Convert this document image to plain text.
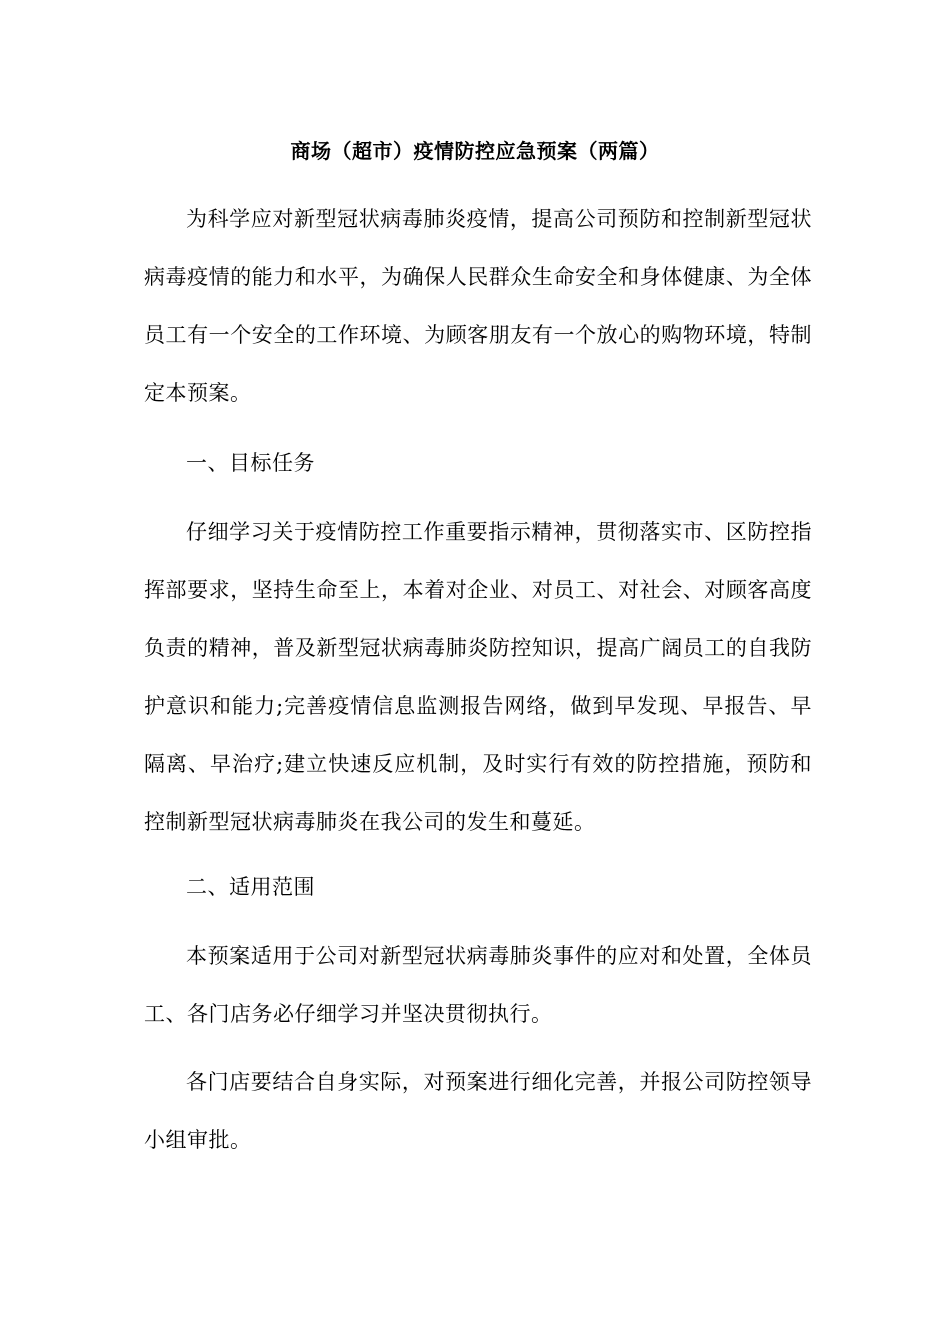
商场（超市）疫情防控应急预案（两篇）
为科学应对新型冠状病毒肺炎疫情，提高公司预防和控制新型冠状病毒疫情的能力和水平，为确保人民群众生命安全和身体健康、为全体员工有一个安全的工作环境、为顾客朋友有一个放心的购物环境，特制定本预案。
一、目标任务
仔细学习关于疫情防控工作重要指示精神，贯彻落实市、区防控指挥部要求，坚持生命至上，本着对企业、对员工、对社会、对顾客高度负责的精神，普及新型冠状病毒肺炎防控知识，提高广阔员工的自我防护意识和能力;完善疫情信息监测报告网络，做到早发现、早报告、早隔离、早治疗;建立快速反应机制，及时实行有效的防控措施，预防和控制新型冠状病毒肺炎在我公司的发生和蔓延。
二、适用范围
本预案适用于公司对新型冠状病毒肺炎事件的应对和处置，全体员工、各门店务必仔细学习并坚决贯彻执行。
各门店要结合自身实际，对预案进行细化完善，并报公司防控领导小组审批。
